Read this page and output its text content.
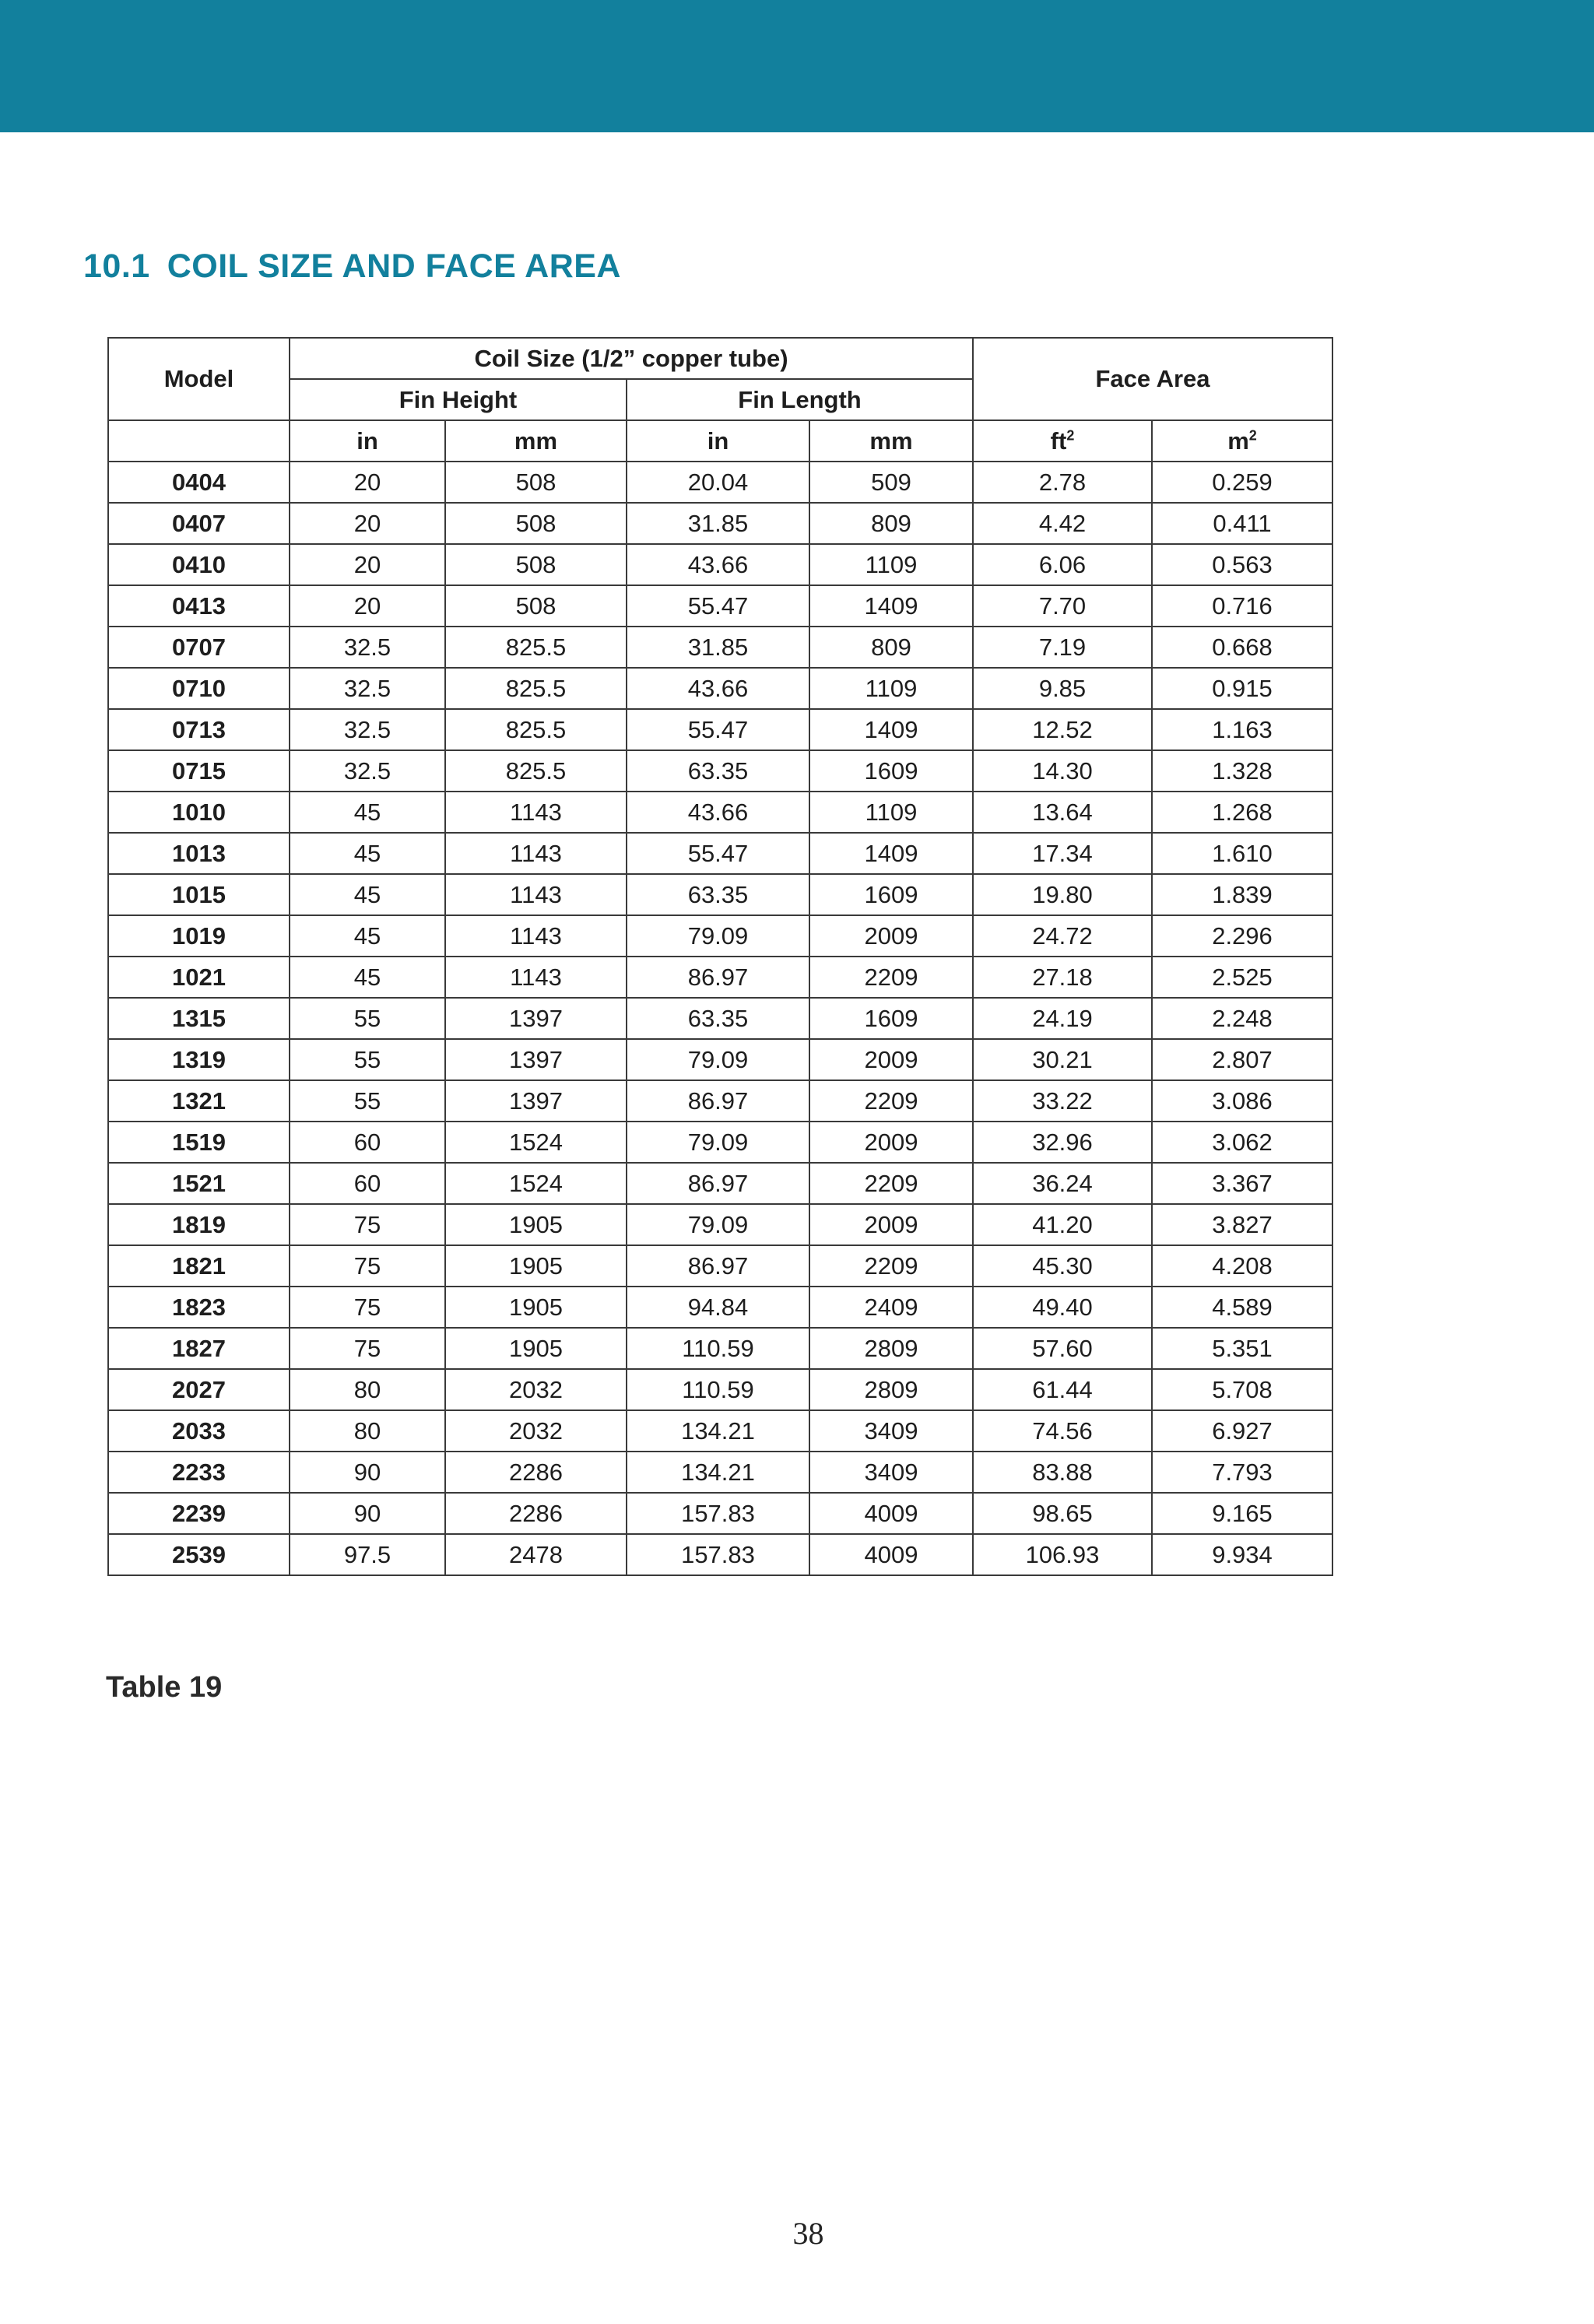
10.1 COIL SIZE AND FACE AREA
Model	Coil Size (1/2” copper tube)				Face Area	
	Fin Height		Fin Length			
	in	mm	in	mm	$ft^2$	$m^2$
0404	20	508	20.04	509	2.78	0.259
0407	20	508	31.85	809	4.42	0.411
0410	20	508	43.66	1109	6.06	0.563
0413	20	508	55.47	1409	7.70	0.716
0707	32.5	825.5	31.85	809	7.19	0.668
0710	32.5	825.5	43.66	1109	9.85	0.915
0713	32.5	825.5	55.47	1409	12.52	1.163
0715	32.5	825.5	63.35	1609	14.30	1.328
1010	45	1143	43.66	1109	13.64	1.268
1013	45	1143	55.47	1409	17.34	1.610
1015	45	1143	63.35	1609	19.80	1.839
1019	45	1143	79.09	2009	24.72	2.296
1021	45	1143	86.97	2209	27.18	2.525
1315	55	1397	63.35	1609	24.19	2.248
1319	55	1397	79.09	2009	30.21	2.807
1321	55	1397	86.97	2209	33.22	3.086
1519	60	1524	79.09	2009	32.96	3.062
1521	60	1524	86.97	2209	36.24	3.367
1819	75	1905	79.09	2009	41.20	3.827
1821	75	1905	86.97	2209	45.30	4.208
1823	75	1905	94.84	2409	49.40	4.589
1827	75	1905	110.59	2809	57.60	5.351
2027	80	2032	110.59	2809	61.44	5.708
2033	80	2032	134.21	3409	74.56	6.927
2233	90	2286	134.21	3409	83.88	7.793
2239	90	2286	157.83	4009	98.65	9.165
2539	97.5	2478	157.83	4009	106.93	9.934
Table 19
38
